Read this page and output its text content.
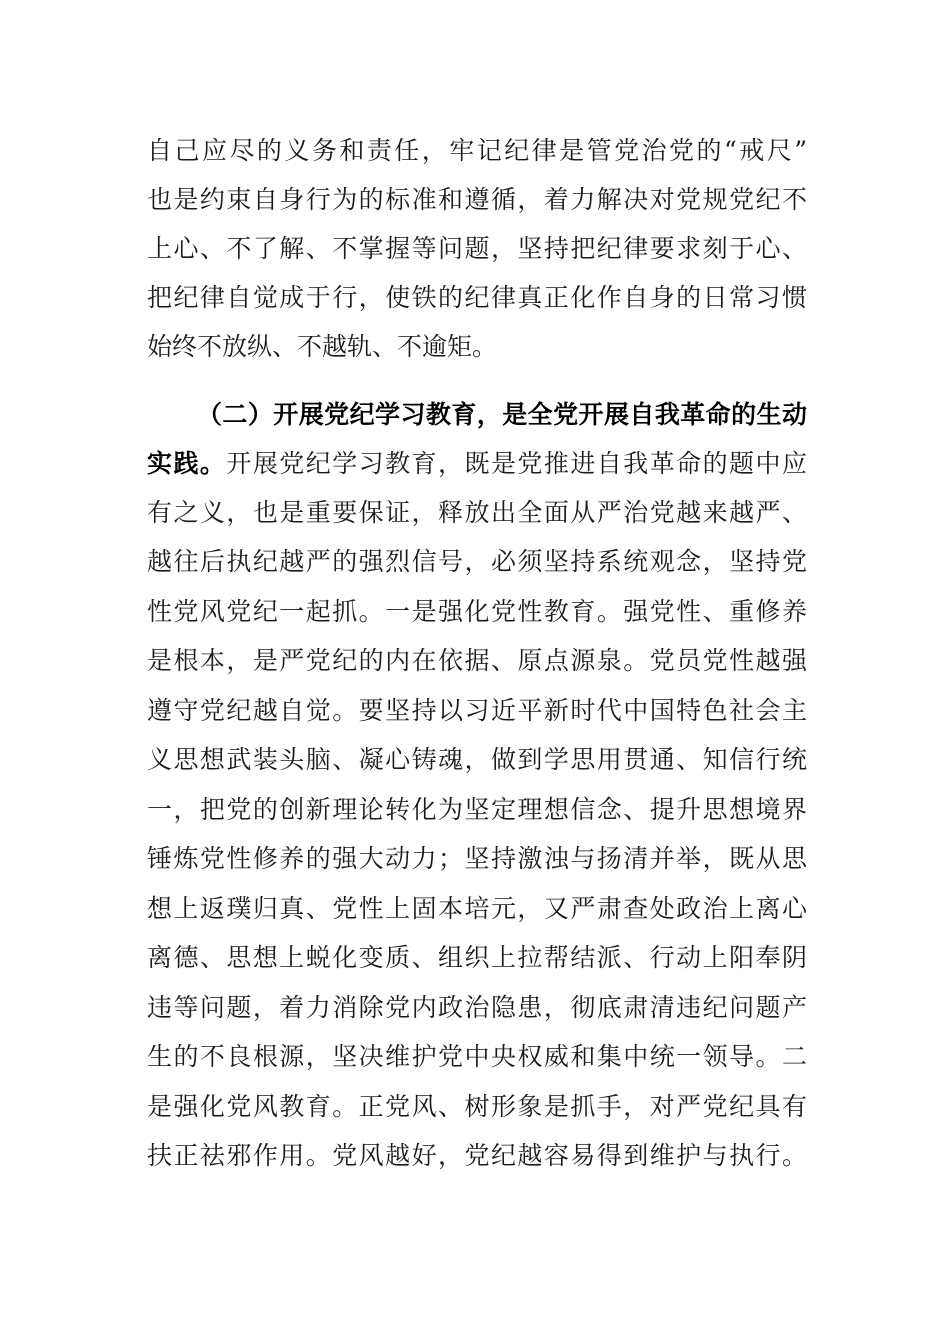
自己应尽的义务和责任，牢记纪律是管党治党的“戒尺”
也是约束自身行为的标准和遵循，着力解决对党规党纪不
上心、不了解、不掌握等问题，坚持把纪律要求刻于心、
把纪律自觉成于行，使铁的纪律真正化作自身的日常习惯
始终不放纵、不越轨、不逾矩。
（二）开展党纪学习教育，是全党开展自我革命的生动
实践。开展党纪学习教育，既是党推进自我革命的题中应
有之义，也是重要保证，释放出全面从严治党越来越严、
越往后执纪越严的强烈信号，必须坚持系统观念，坚持党
性党风党纪一起抓。一是强化党性教育。强党性、重修养
是根本，是严党纪的内在依据、原点源泉。党员党性越强
遵守党纪越自觉。要坚持以习近平新时代中国特色社会主
义思想武装头脑、凝心铸魂，做到学思用贯通、知信行统
一，把党的创新理论转化为坚定理想信念、提升思想境界
锤炼党性修养的强大动力；坚持激浊与扬清并举，既从思
想上返璞归真、党性上固本培元，又严肃查处政治上离心
离德、思想上蜕化变质、组织上拉帮结派、行动上阳奉阴
违等问题，着力消除党内政治隐患，彻底肃清违纪问题产
生的不良根源，坚决维护党中央权威和集中统一领导。二
是强化党风教育。正党风、树形象是抓手，对严党纪具有
扶正祛邪作用。党风越好，党纪越容易得到维护与执行。
